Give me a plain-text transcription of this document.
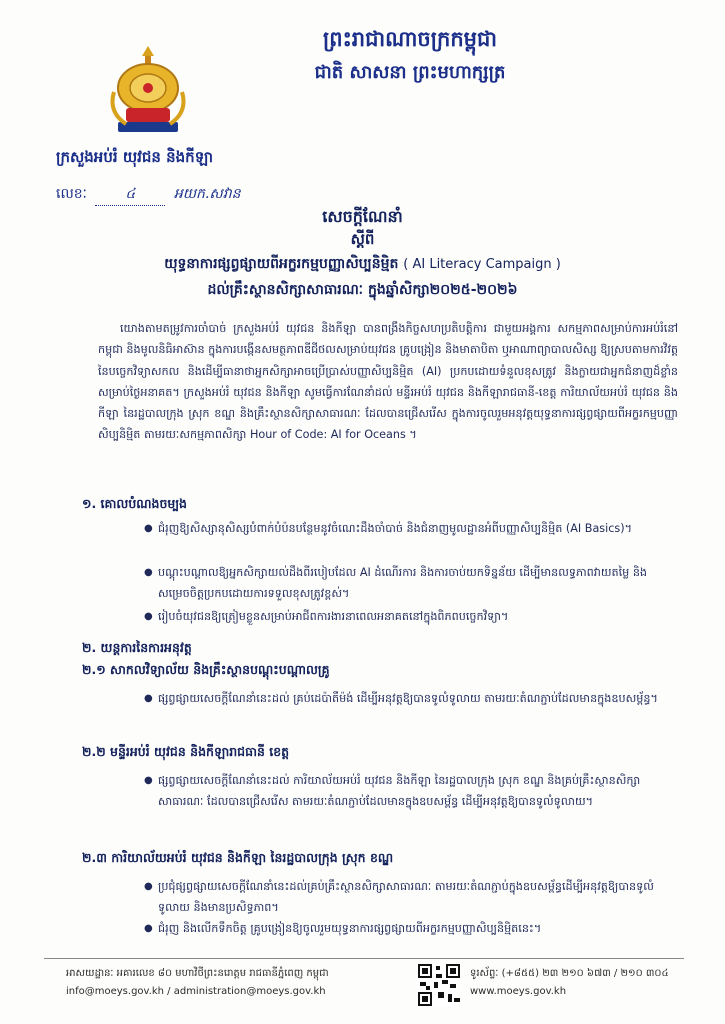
ព្រះរាជាណាចក្រកម្ពុជា
ជាតិ សាសនា ព្រះមហាក្សត្រ
ក្រសួងអប់រំ យុវជន និងកីឡា
លេខៈ	៤	អយក.សវាន
សេចក្ដីណែនាំ
ស្ដីពី
យុទ្ធនាការផ្សព្វផ្សាយពីអក្ខរកម្មបញ្ញាសិប្បនិម្មិត ( AI Literacy Campaign )
ដល់គ្រឹះស្ថានសិក្សាសាធារណៈ ក្នុងឆ្នាំសិក្សា២០២៥-២០២៦
យោងតាមតម្រូវការចាំបាច់ ក្រសួងអប់រំ យុវជន និងកីឡា បានពង្រឹងកិច្ចសហប្រតិបត្តិការ ជាមួយអង្គការ សកម្មភាពសម្រាប់ការអប់រំនៅកម្ពុជា និងមូលនិធិអាស៊ាន ក្នុងការបង្កើនសមត្ថភាពឌីជីថលសម្រាប់យុវជន គ្រូបង្រៀន និងមាតាបិតា ឬអាណាព្យាបាលសិស្ស ឱ្យស្របតាមការវិវត្ត នៃបច្ចេកវិទ្យាសកល និងដើម្បីធានាថាអ្នកសិក្សាអាចប្រើប្រាស់បញ្ញាសិប្បនិម្មិត (AI) ប្រកបដោយទំនួលខុសត្រូវ និងក្លាយជាអ្នកជំនាញដ៏ខ្លាំនសម្រាប់ថ្ងៃអនាគត។ ក្រសួងអប់រំ យុវជន និងកីឡា សូមធ្វើការណែនាំដល់ មន្ទីរអប់រំ យុវជន និងកីឡារាជធានី-ខេត្ត ការិយាល័យអប់រំ យុវជន និងកីឡា នៃរដ្ឋបាលក្រុង ស្រុក ខណ្ឌ និងគ្រឹះស្ថានសិក្សាសាធារណៈ ដែលបានជ្រើសរើស ក្នុងការចូលរួមអនុវត្តយុទ្ធនាការផ្សព្វផ្សាយពីអក្ខរកម្មបញ្ញាសិប្បនិម្មិត តាមរយៈសកម្មភាពសិក្សា Hour of Code: AI for Oceans ។
១. គោលបំណងចម្បង
● ជំរុញឱ្យសិស្សានុសិស្សបំពាក់បំប៉នបន្ថែមនូវចំណេះដឹងចាំបាច់ និងជំនាញមូលដ្ឋានអំពីបញ្ញាសិប្បនិម្មិត (AI Basics)។
● បណ្ដុះបណ្ដាលឱ្យអ្នកសិក្សាយល់ដឹងពីរបៀបដែល AI ដំណើរការ និងការចាប់យកទិន្នន័យ ដើម្បីមានលទ្ធភាពវាយតម្លៃ និងសម្រេចចិត្តប្រកបដោយការទទួលខុសត្រូវខ្ពស់។
● រៀបចំយុវជនឱ្យត្រៀមខ្លួនសម្រាប់អាជីពការងារនាពេលអនាគតនៅក្នុងពិភពបច្ចេកវិទ្យា។
២. យន្តការនៃការអនុវត្ត
២.១ សាកលវិទ្យាល័យ និងគ្រឹះស្ថានបណ្ដុះបណ្ដាលគ្រូ
● ផ្សព្វផ្សាយសេចក្ដីណែនាំនេះដល់ គ្រប់ដេប៉ាតឺម៉ង់ ដើម្បីអនុវត្តឱ្យបានទូលំទូលាយ តាមរយៈតំណភ្ជាប់ដែលមានក្នុងឧបសម្ព័ន្ធ។
២.២ មន្ទីរអប់រំ យុវជន និងកីឡារាជធានី ខេត្ត
● ផ្សព្វផ្សាយសេចក្ដីណែនាំនេះដល់ ការិយាល័យអប់រំ យុវជន និងកីឡា នៃរដ្ឋបាលក្រុង ស្រុក ខណ្ឌ និងគ្រប់គ្រឹះស្ថានសិក្សាសាធារណៈ ដែលបានជ្រើសរើស តាមរយៈតំណភ្ជាប់ដែលមានក្នុងឧបសម្ព័ន្ធ ដើម្បីអនុវត្តឱ្យបានទូលំទូលាយ។
២.៣ ការិយាល័យអប់រំ យុវជន និងកីឡា នៃរដ្ឋបាលក្រុង ស្រុក ខណ្ឌ
● ប្រជុំផ្សព្វផ្សាយសេចក្ដីណែនាំនេះដល់គ្រប់គ្រឹះស្ថានសិក្សាសាធារណៈ តាមរយៈតំណភ្ជាប់ក្នុងឧបសម្ព័ន្ធដើម្បីអនុវត្តឱ្យបានទូលំទូលាយ និងមានប្រសិទ្ធភាព។
● ជំរុញ និងលើកទឹកចិត្ត គ្រូបង្រៀនឱ្យចូលរួមយុទ្ធនាការផ្សព្វផ្សាយពីអក្ខរកម្មបញ្ញាសិប្បនិម្មិតនេះ។
អាសយដ្ឋានៈ អគារលេខ ៨០ មហាវិថីព្រះនរោត្តម រាជធានីភ្នំពេញ កម្ពុជា
info@moeys.gov.kh / administration@moeys.gov.kh
ទូរស័ព្ទៈ (+៨៥៥) ២៣ ២១០ ៦៧៣ / ២១០ ៣០៤
www.moeys.gov.kh
